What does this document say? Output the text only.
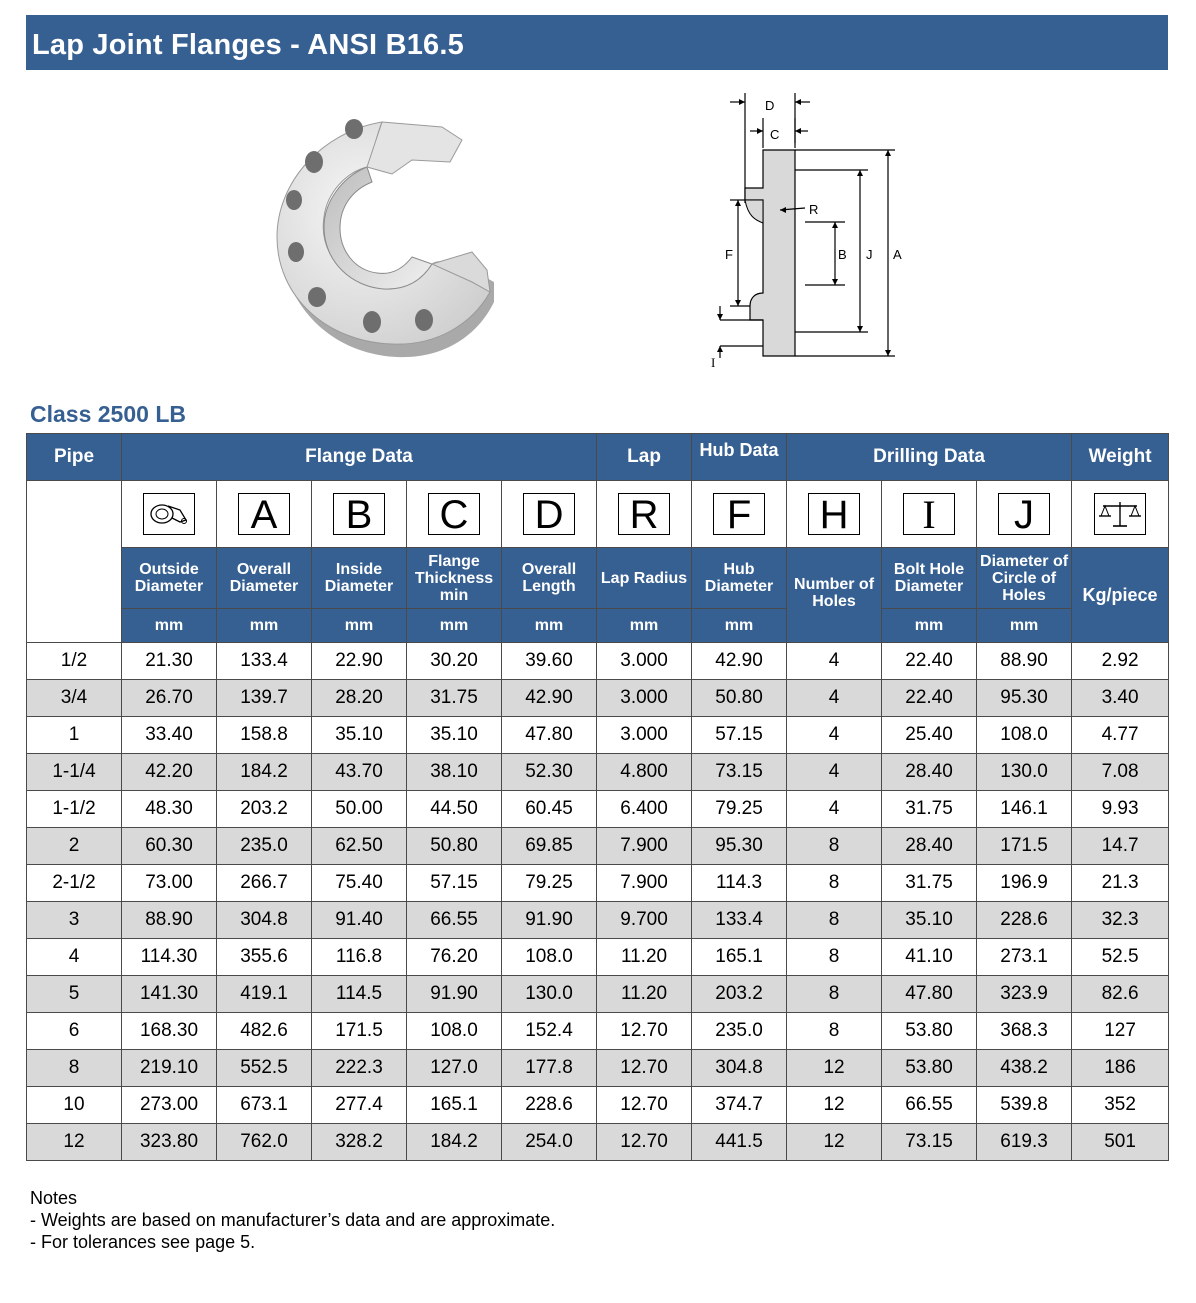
Lap Joint Flanges - ANSI B16.5
D
C
R
F	B J A
I
Class 2500 LB
Pipe	Flange Data					Lap	Hub Data	Drilling Data			Weight
Nominal Pipe Size		A	B	C	D	R	F	H	I	J	
	Outside Diameter	Overall Diameter	Inside Diameter	Flange Thickness min	Overall Length	Lap Radius	Hub Diameter	Number of Holes	Bolt Hole Diameter	Diameter of Circle of Holes	Kg/piece
	mm	mm	mm	mm	mm	mm	mm		mm	mm	
1/2	21.30	133.4	22.90	30.20	39.60	3.000	42.90	4	22.40	88.90	2.92
3/4	26.70	139.7	28.20	31.75	42.90	3.000	50.80	4	22.40	95.30	3.40
1	33.40	158.8	35.10	35.10	47.80	3.000	57.15	4	25.40	108.0	4.77
1-1/4	42.20	184.2	43.70	38.10	52.30	4.800	73.15	4	28.40	130.0	7.08
1-1/2	48.30	203.2	50.00	44.50	60.45	6.400	79.25	4	31.75	146.1	9.93
2	60.30	235.0	62.50	50.80	69.85	7.900	95.30	8	28.40	171.5	14.7
2-1/2	73.00	266.7	75.40	57.15	79.25	7.900	114.3	8	31.75	196.9	21.3
3	88.90	304.8	91.40	66.55	91.90	9.700	133.4	8	35.10	228.6	32.3
4	114.30	355.6	116.8	76.20	108.0	11.20	165.1	8	41.10	273.1	52.5
5	141.30	419.1	114.5	91.90	130.0	11.20	203.2	8	47.80	323.9	82.6
6	168.30	482.6	171.5	108.0	152.4	12.70	235.0	8	53.80	368.3	127
8	219.10	552.5	222.3	127.0	177.8	12.70	304.8	12	53.80	438.2	186
10	273.00	673.1	277.4	165.1	228.6	12.70	374.7	12	66.55	539.8	352
12	323.80	762.0	328.2	184.2	254.0	12.70	441.5	12	73.15	619.3	501
Notes
- Weights are based on manufacturer’s data and are approximate.
- For tolerances see page 5.
